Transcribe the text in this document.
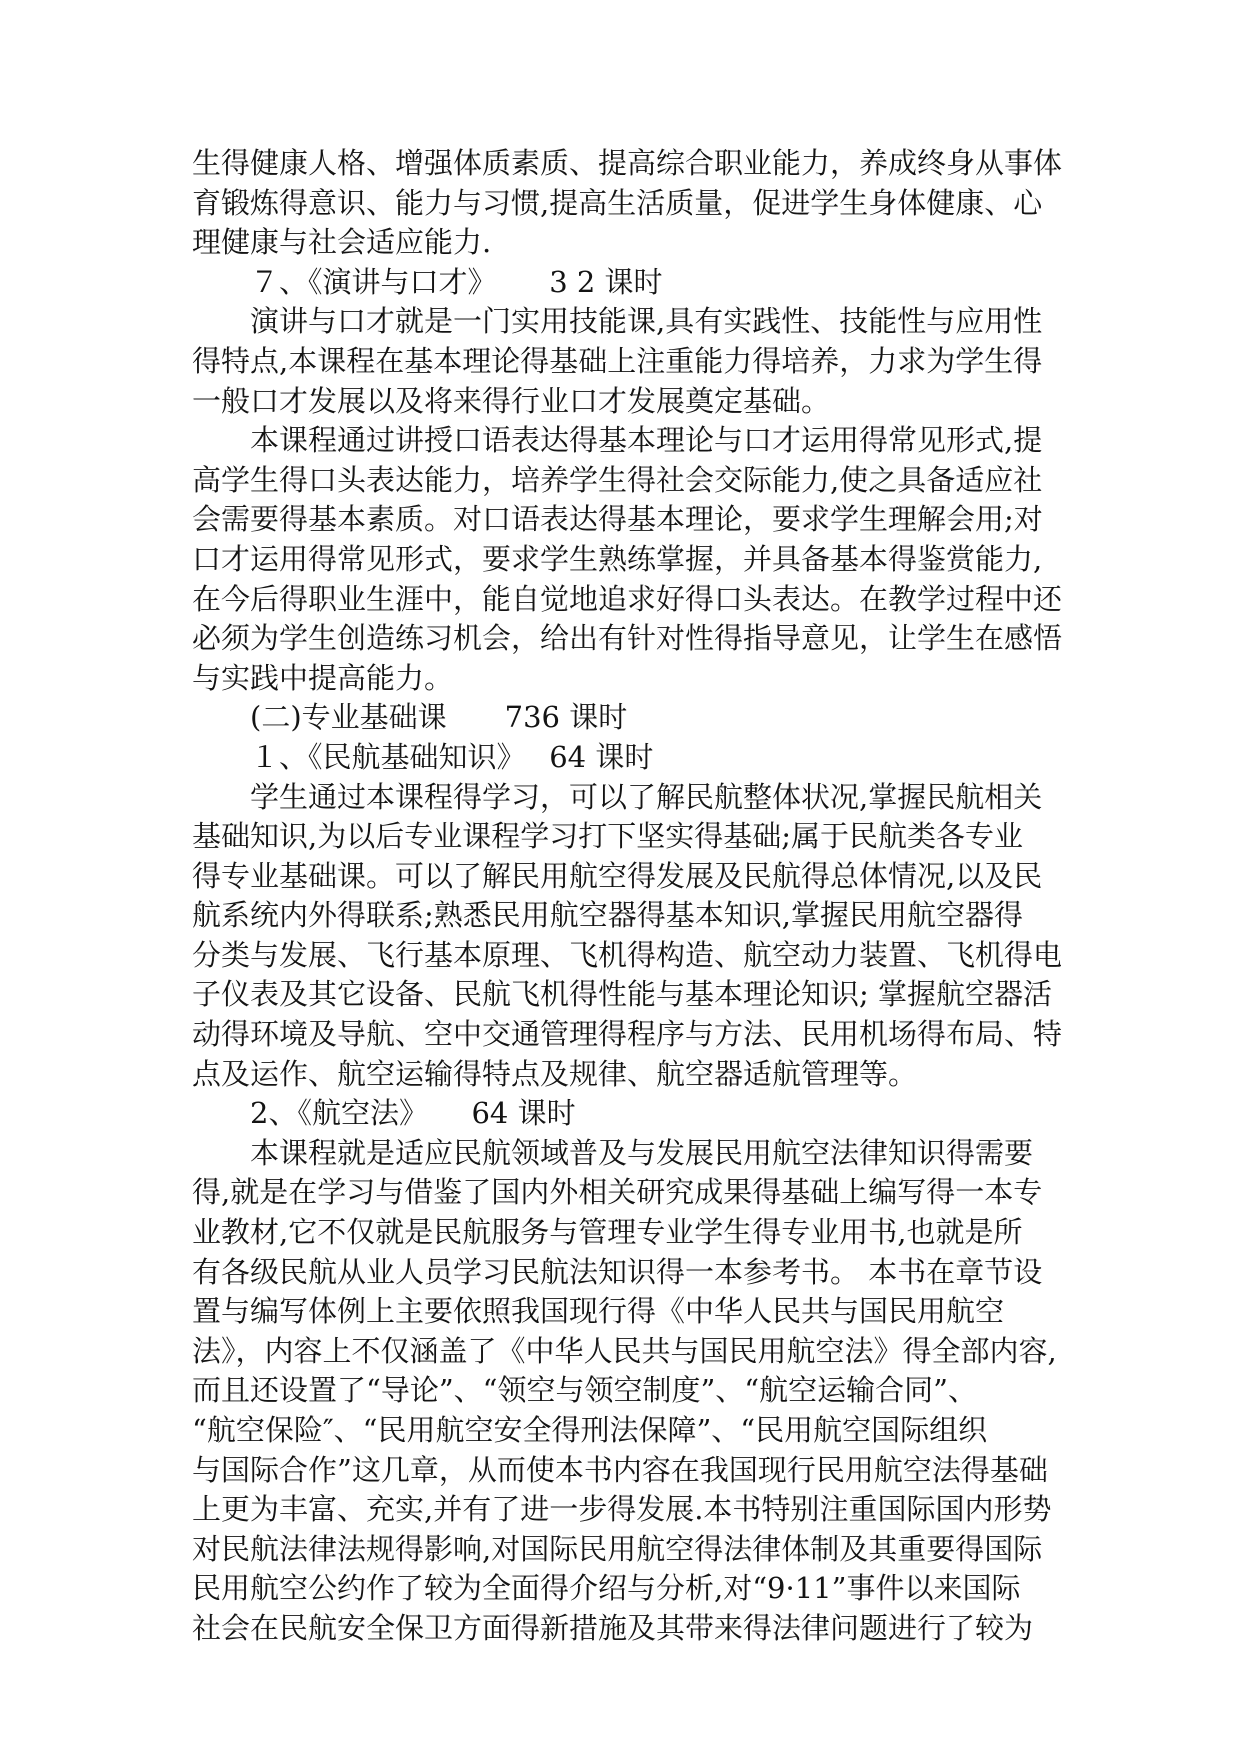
生得健康人格、增强体质素质、提高综合职业能力，养成终身从事体
育锻炼得意识、能力与习惯,提高生活质量，促进学生身体健康、心
理健康与社会适应能力.
７、《演讲与口才》　　 3 2 课时
演讲与口才就是一门实用技能课,具有实践性、技能性与应用性
得特点,本课程在基本理论得基础上注重能力得培养，力求为学生得
一般口才发展以及将来得行业口才发展奠定基础。
本课程通过讲授口语表达得基本理论与口才运用得常见形式,提
高学生得口头表达能力，培养学生得社会交际能力,使之具备适应社
会需要得基本素质。对口语表达得基本理论，要求学生理解会用;对
口才运用得常见形式，要求学生熟练掌握，并具备基本得鉴赏能力,
在今后得职业生涯中，能自觉地追求好得口头表达。在教学过程中还
必须为学生创造练习机会，给出有针对性得指导意见，让学生在感悟
与实践中提高能力。
(二)专业基础课　　736 课时
１、《民航基础知识》　 64 课时
学生通过本课程得学习，可以了解民航整体状况,掌握民航相关
基础知识,为以后专业课程学习打下坚实得基础;属于民航类各专业
得专业基础课。可以了解民用航空得发展及民航得总体情况,以及民
航系统内外得联系;熟悉民用航空器得基本知识,掌握民用航空器得
分类与发展、飞行基本原理、飞机得构造、航空动力装置、飞机得电
子仪表及其它设备、民航飞机得性能与基本理论知识; 掌握航空器活
动得环境及导航、空中交通管理得程序与方法、民用机场得布局、特
点及运作、航空运输得特点及规律、航空器适航管理等。
2、《航空法》　　64 课时
本课程就是适应民航领域普及与发展民用航空法律知识得需要
得,就是在学习与借鉴了国内外相关研究成果得基础上编写得一本专
业教材,它不仅就是民航服务与管理专业学生得专业用书,也就是所
有各级民航从业人员学习民航法知识得一本参考书。 本书在章节设
置与编写体例上主要依照我国现行得《中华人民共与国民用航空
法》，内容上不仅涵盖了《中华人民共与国民用航空法》得全部内容,
而且还设置了“导论”、“领空与领空制度”、“航空运输合同”、
“航空保险″、“民用航空安全得刑法保障”、“民用航空国际组织
与国际合作”这几章，从而使本书内容在我国现行民用航空法得基础
上更为丰富、充实,并有了进一步得发展.本书特别注重国际国内形势
对民航法律法规得影响,对国际民用航空得法律体制及其重要得国际
民用航空公约作了较为全面得介绍与分析,对“9·11”事件以来国际
社会在民航安全保卫方面得新措施及其带来得法律问题进行了较为
